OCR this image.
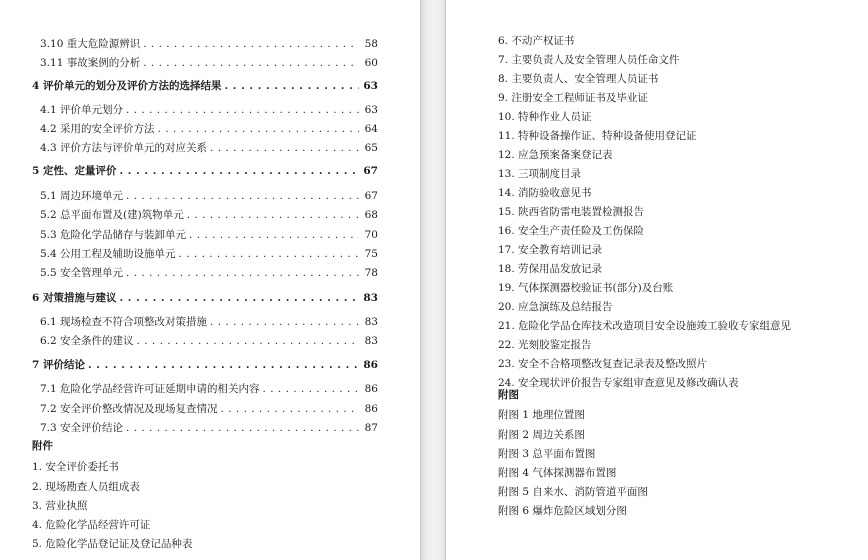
3.10 重大危险源辨识 . . .	58
3.11 事故案例的分析 . . .	60
4 评价单元的划分及评价方法的选择结果 . . .	63
4.1 评价单元划分 . . .	63
4.2 采用的安全评价方法 . . .	64
4.3 评价方法与评价单元的对应关系 . . .	65
5 定性、定量评价 . . .	67
5.1 周边环境单元 . . .	67
5.2 总平面布置及(建)筑物单元 . . .	68
5.3 危险化学品储存与装卸单元 . . .	70
5.4 公用工程及辅助设施单元 . . .	75
5.5 安全管理单元 . . .	78
6 对策措施与建议 . . .	83
6.1 现场检查不符合项整改对策措施 . . .	83
6.2 安全条件的建议 . . .	83
7 评价结论 . . .	86
7.1 危险化学品经营许可证延期申请的相关内容 . . .	86
7.2 安全评价整改情况及现场复查情况 . . .	86
7.3 安全评价结论 . . .	87
附件
1. 安全评价委托书
2. 现场勘查人员组成表
3. 营业执照
4. 危险化学品经营许可证
5. 危险化学品登记证及登记品种表
6. 不动产权证书
7. 主要负责人及安全管理人员任命文件
8. 主要负责人、安全管理人员证书
9. 注册安全工程师证书及毕业证
10. 特种作业人员证
11. 特种设备操作证、特种设备使用登记证
12. 应急预案备案登记表
13. 三项制度目录
14. 消防验收意见书
15. 陕西省防雷电装置检测报告
16. 安全生产责任险及工伤保险
17. 安全教育培训记录
18. 劳保用品发放记录
19. 气体探测器校验证书(部分)及台账
20. 应急演练及总结报告
21. 危险化学品仓库技术改造项目安全设施竣工验收专家组意见
22. 光刻胶鉴定报告
23. 安全不合格项整改复查记录表及整改照片
24. 安全现状评价报告专家组审查意见及修改确认表
附图
附图 1 地理位置图
附图 2 周边关系图
附图 3 总平面布置图
附图 4 气体探测器布置图
附图 5 自来水、消防管道平面图
附图 6 爆炸危险区域划分图
